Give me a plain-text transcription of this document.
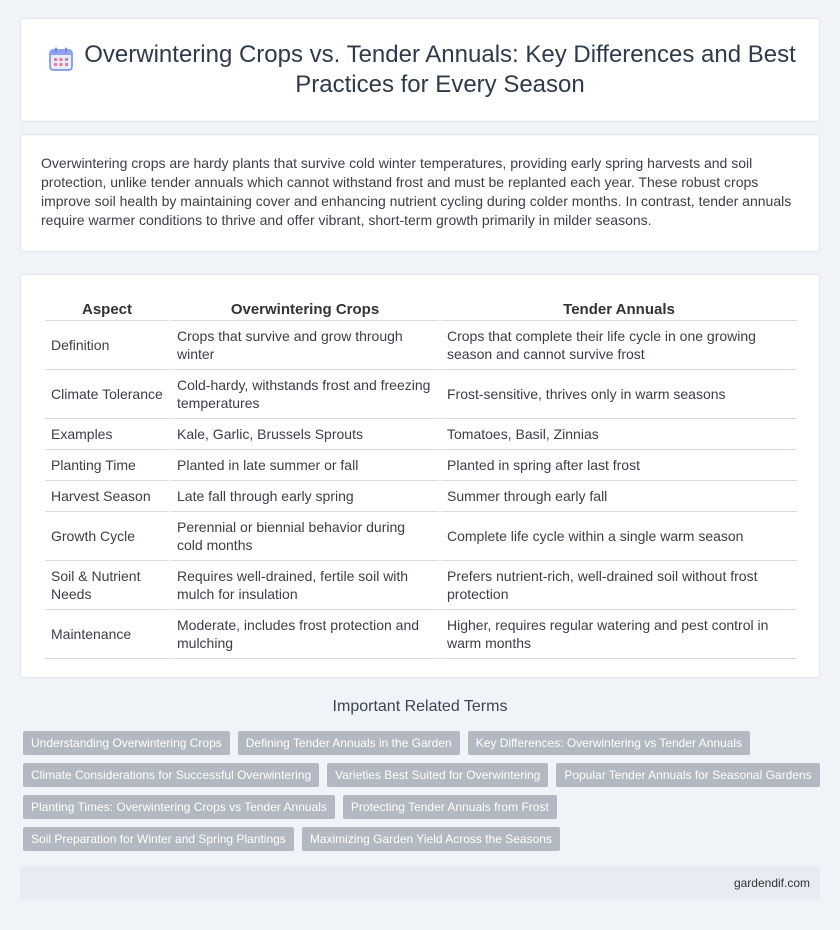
Overwintering Crops vs. Tender Annuals: Key Differences and Best Practices for Every Season

Overwintering crops are hardy plants that survive cold winter temperatures, providing early spring harvests and soil protection, unlike tender annuals which cannot withstand frost and must be replanted each year. These robust crops improve soil health by maintaining cover and enhancing nutrient cycling during colder months. In contrast, tender annuals require warmer conditions to thrive and offer vibrant, short-term growth primarily in milder seasons.

Aspect	Overwintering Crops	Tender Annuals
Definition	Crops that survive and grow through winter	Crops that complete their life cycle in one growing season and cannot survive frost
Climate Tolerance	Cold-hardy, withstands frost and freezing temperatures	Frost-sensitive, thrives only in warm seasons
Examples	Kale, Garlic, Brussels Sprouts	Tomatoes, Basil, Zinnias
Planting Time	Planted in late summer or fall	Planted in spring after last frost
Harvest Season	Late fall through early spring	Summer through early fall
Growth Cycle	Perennial or biennial behavior during cold months	Complete life cycle within a single warm season
Soil & Nutrient Needs	Requires well-drained, fertile soil with mulch for insulation	Prefers nutrient-rich, well-drained soil without frost protection
Maintenance	Moderate, includes frost protection and mulching	Higher, requires regular watering and pest control in warm months
Important Related Terms
Understanding Overwintering Crops	Defining Tender Annuals in the Garden	Key Differences: Overwintering vs Tender Annuals
Climate Considerations for Successful Overwintering	Varieties Best Suited for Overwintering	Popular Tender Annuals for Seasonal Gardens
Planting Times: Overwintering Crops vs Tender Annuals	Protecting Tender Annuals from Frost
Soil Preparation for Winter and Spring Plantings	Maximizing Garden Yield Across the Seasons
gardendif.com
